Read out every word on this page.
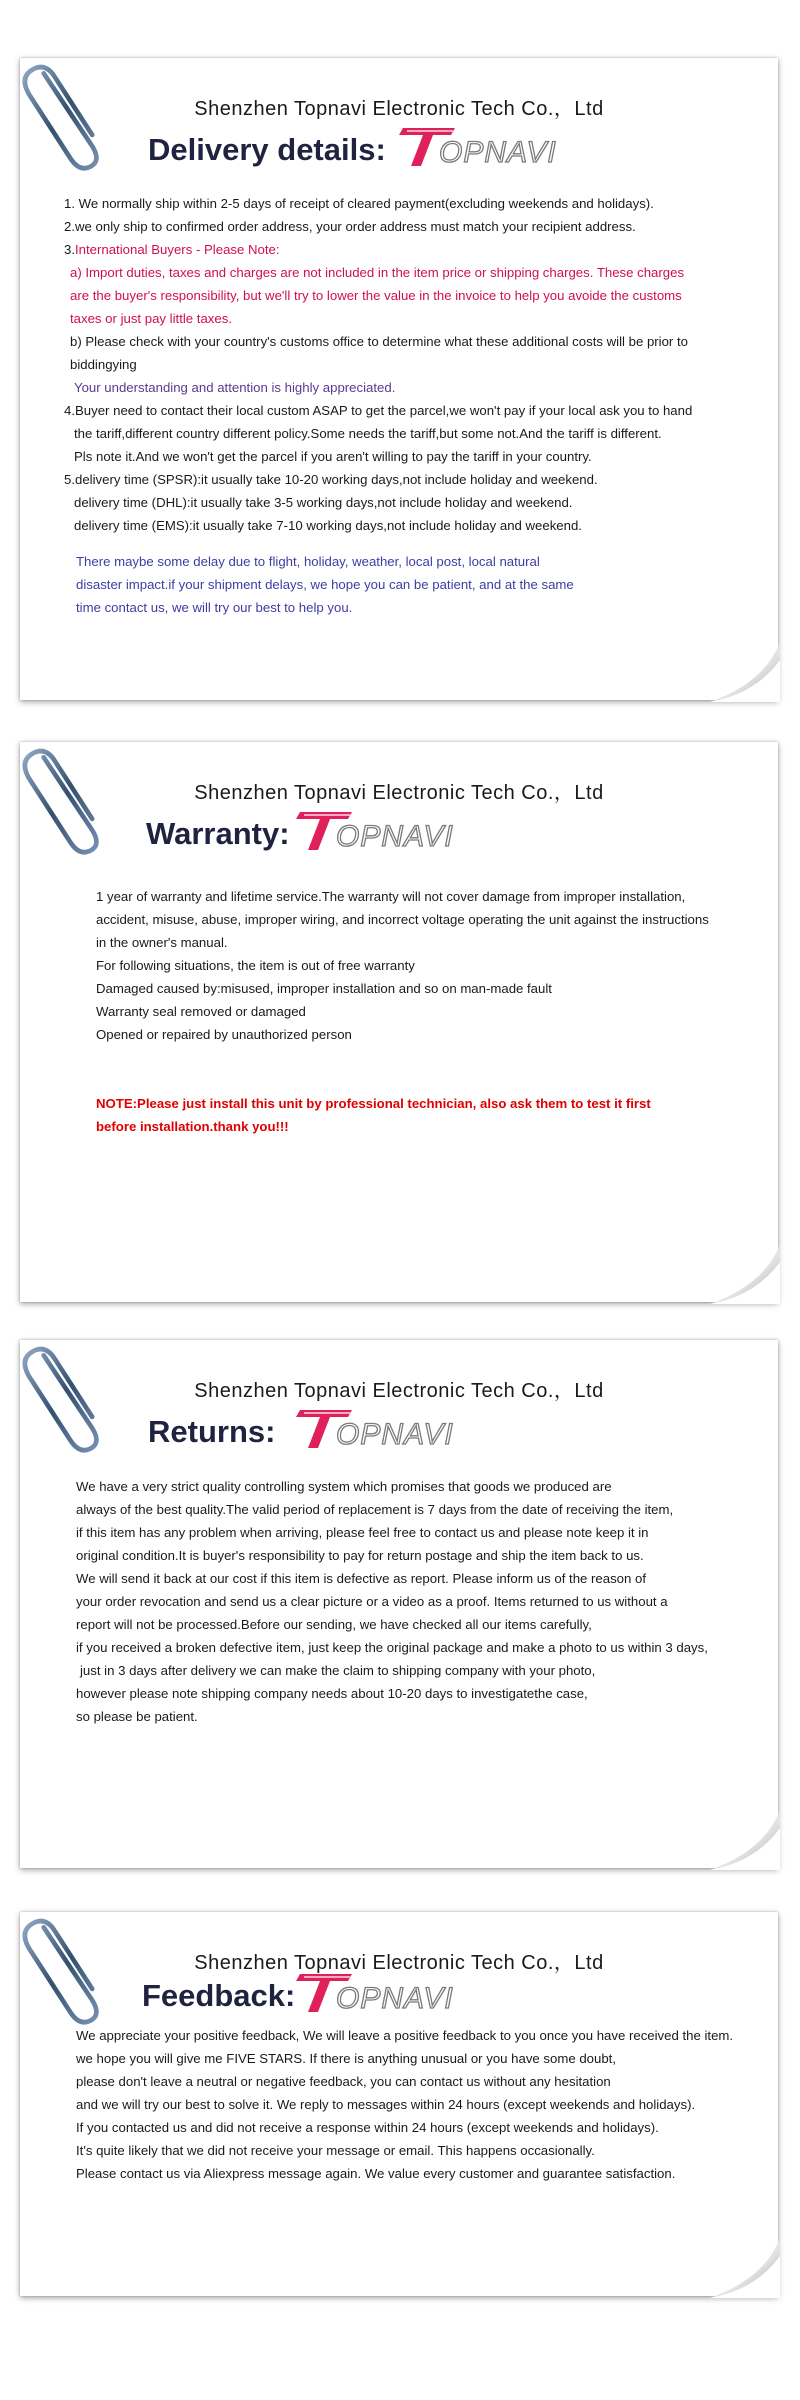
Shenzhen Topnavi Electronic Tech Co.，Ltd
Delivery details:

1. We normally ship within 2-5 days of receipt of cleared payment(excluding weekends and holidays).

2.we only ship to confirmed order address, your order address must match your recipient address.

3.International Buyers - Please Note:

a) Import duties, taxes and charges are not included in the item price or shipping charges. These charges

are the buyer's responsibility, but we'll try to lower the value in the invoice to help you avoide the customs

taxes or just pay little taxes.

b) Please check with your country's customs office to determine what these additional costs will be prior to

biddingying

Your understanding and attention is highly appreciated.

4.Buyer need to contact their local custom ASAP to get the parcel,we won't pay if your local ask you to hand

the tariff,different country different policy.Some needs the tariff,but some not.And the tariff is different.

Pls note it.And we won't get the parcel if you aren't willing to pay the tariff in your country.

5.delivery time (SPSR):it usually take 10-20 working days,not include holiday and weekend.

delivery time (DHL):it usually take 3-5 working days,not include holiday and weekend.

delivery time (EMS):it usually take 7-10 working days,not include holiday and weekend.

There maybe some delay due to flight, holiday, weather, local post, local natural

disaster impact.if your shipment delays, we hope you can be patient, and at the same

time contact us, we will try our best to help you.

Shenzhen Topnavi Electronic Tech Co.，Ltd
Warranty:

1 year of warranty and lifetime service.The warranty will not cover damage from improper installation,

accident, misuse, abuse, improper wiring, and incorrect voltage operating the unit against the instructions

in the owner's manual.

For following situations, the item is out of free warranty

Damaged caused by:misused, improper installation and so on man-made fault

Warranty seal removed or damaged

Opened or repaired by unauthorized person

NOTE:Please just install this unit by professional technician, also ask them to test it first

before installation.thank you!!!

Shenzhen Topnavi Electronic Tech Co.，Ltd
Returns:

We have a very strict quality controlling system which promises that goods we produced are

always of the best quality.The valid period of replacement is 7 days from the date of receiving the item,

if this item has any problem when arriving, please feel free to contact us and please note keep it in

original condition.It is buyer's responsibility to pay for return postage and ship the item back to us.

We will send it back at our cost if this item is defective as report. Please inform us of the reason of

your order revocation and send us a clear picture or a video as a proof. Items returned to us without a

report will not be processed.Before our sending, we have checked all our items carefully,

if you received a broken defective item, just keep the original package and make a photo to us within 3 days,

just in 3 days after delivery we can make the claim to shipping company with your photo,

however please note shipping company needs about 10-20 days to investigatethe case,

so please be patient.

Shenzhen Topnavi Electronic Tech Co.，Ltd
Feedback:

We appreciate your positive feedback, We will leave a positive feedback to you once you have received the item.

we hope you will give me FIVE STARS. If there is anything unusual or you have some doubt,

please don't leave a neutral or negative feedback, you can contact us without any hesitation

and we will try our best to solve it. We reply to messages within 24 hours (except weekends and holidays).

If you contacted us and did not receive a response within 24 hours (except weekends and holidays).

It's quite likely that we did not receive your message or email. This happens occasionally.

Please contact us via Aliexpress message again. We value every customer and guarantee satisfaction.
